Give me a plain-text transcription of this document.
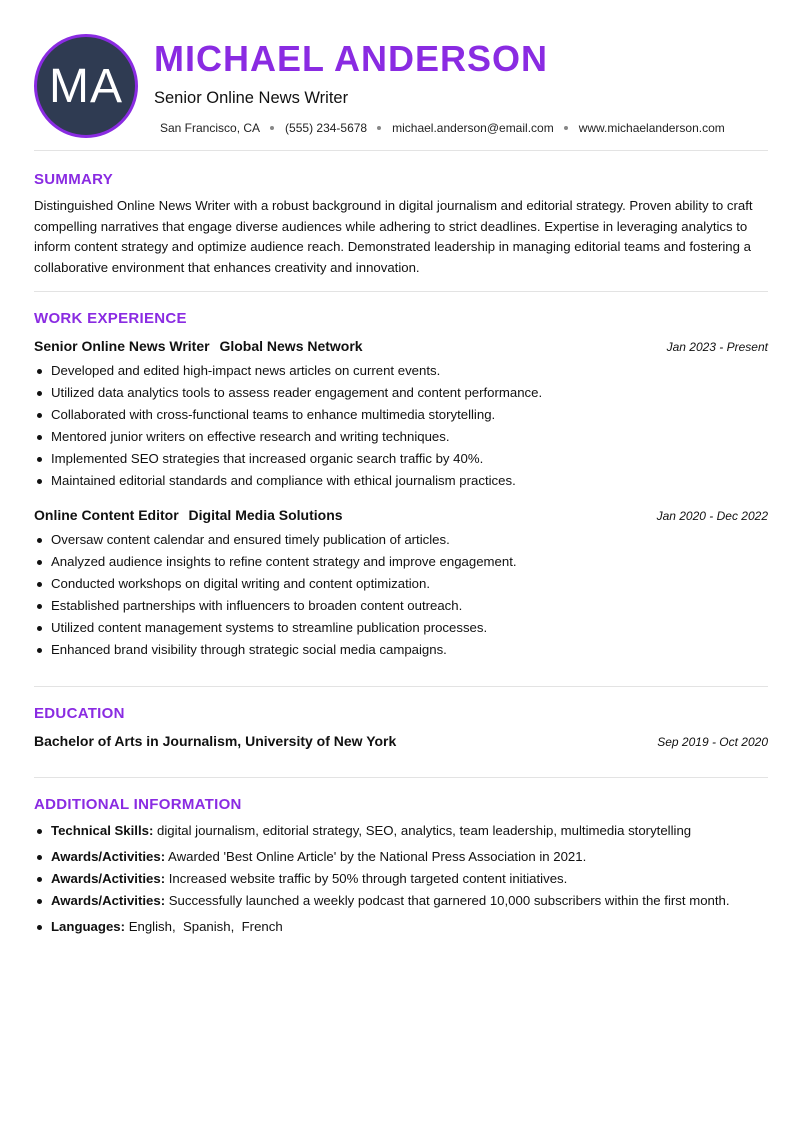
MA
MICHAEL ANDERSON
Senior Online News Writer
San Francisco, CA (555) 234-5678 michael.anderson@email.com www.michaelanderson.com
SUMMARY
Distinguished Online News Writer with a robust background in digital journalism and editorial strategy. Proven ability to craft compelling narratives that engage diverse audiences while adhering to strict deadlines. Expertise in leveraging analytics to inform content strategy and optimize audience reach. Demonstrated leadership in managing editorial teams and fostering a collaborative environment that enhances creativity and innovation.
WORK EXPERIENCE
Senior Online News Writer Global News Network	Jan 2023 - Present
Developed and edited high-impact news articles on current events.
Utilized data analytics tools to assess reader engagement and content performance.
Collaborated with cross-functional teams to enhance multimedia storytelling.
Mentored junior writers on effective research and writing techniques.
Implemented SEO strategies that increased organic search traffic by 40%.
Maintained editorial standards and compliance with ethical journalism practices.
Online Content Editor Digital Media Solutions	Jan 2020 - Dec 2022
Oversaw content calendar and ensured timely publication of articles.
Analyzed audience insights to refine content strategy and improve engagement.
Conducted workshops on digital writing and content optimization.
Established partnerships with influencers to broaden content outreach.
Utilized content management systems to streamline publication processes.
Enhanced brand visibility through strategic social media campaigns.
EDUCATION
Bachelor of Arts in Journalism, University of New York	Sep 2019 - Oct 2020
ADDITIONAL INFORMATION
Technical Skills: digital journalism, editorial strategy, SEO, analytics, team leadership, multimedia storytelling
Awards/Activities: Awarded 'Best Online Article' by the National Press Association in 2021.
Awards/Activities: Increased website traffic by 50% through targeted content initiatives.
Awards/Activities: Successfully launched a weekly podcast that garnered 10,000 subscribers within the first month.
Languages: English,  Spanish,  French
